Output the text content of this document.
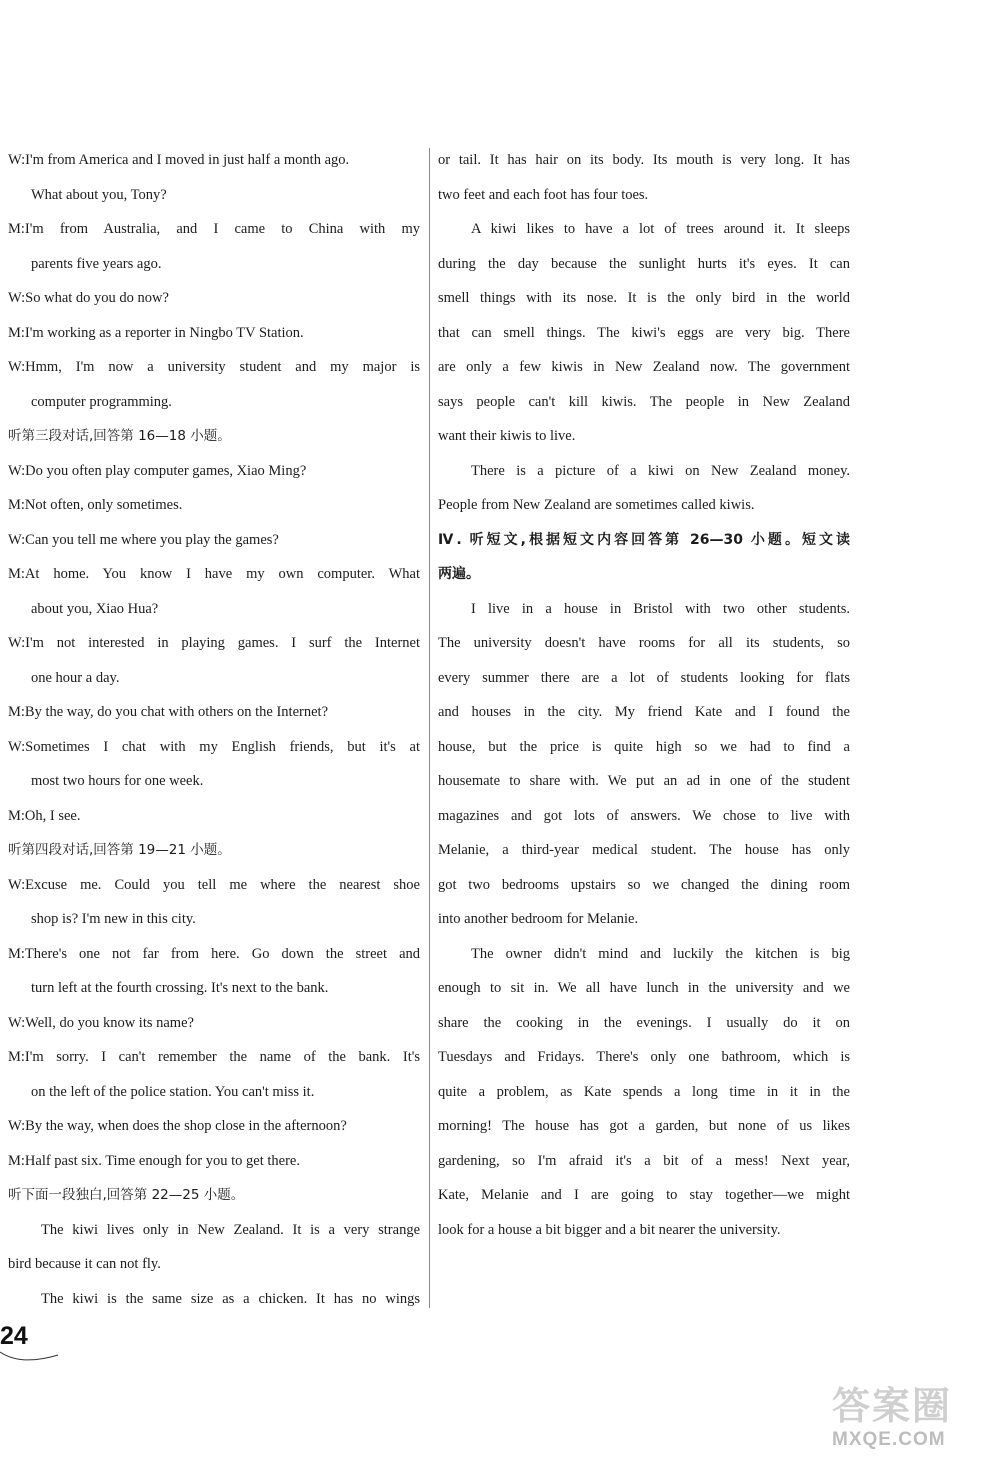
W:I'm from America and I moved in just half a month ago.
What about you, Tony?
M:I'm from Australia, and I came to China with my
parents five years ago.
W:So what do you do now?
M:I'm working as a reporter in Ningbo TV Station.
W:Hmm, I'm now a university student and my major is
computer programming.
听第三段对话,回答第 16—18 小题。
W:Do you often play computer games, Xiao Ming?
M:Not often, only sometimes.
W:Can you tell me where you play the games?
M:At home. You know I have my own computer. What
about you, Xiao Hua?
W:I'm not interested in playing games. I surf the Internet
one hour a day.
M:By the way, do you chat with others on the Internet?
W:Sometimes I chat with my English friends, but it's at
most two hours for one week.
M:Oh, I see.
听第四段对话,回答第 19—21 小题。
W:Excuse me. Could you tell me where the nearest shoe
shop is? I'm new in this city.
M:There's one not far from here. Go down the street and
turn left at the fourth crossing. It's next to the bank.
W:Well, do you know its name?
M:I'm sorry. I can't remember the name of the bank. It's
on the left of the police station. You can't miss it.
W:By the way, when does the shop close in the afternoon?
M:Half past six. Time enough for you to get there.
听下面一段独白,回答第 22—25 小题。
The kiwi lives only in New Zealand. It is a very strange
bird because it can not fly.
The kiwi is the same size as a chicken. It has no wings
or tail. It has hair on its body. Its mouth is very long. It has
two feet and each foot has four toes.
A kiwi likes to have a lot of trees around it. It sleeps
during the day because the sunlight hurts it's eyes. It can
smell things with its nose. It is the only bird in the world
that can smell things. The kiwi's eggs are very big. There
are only a few kiwis in New Zealand now. The government
says people can't kill kiwis. The people in New Zealand
want their kiwis to live.
There is a picture of a kiwi on New Zealand money.
People from New Zealand are sometimes called kiwis.
Ⅳ. 听短文,根据短文内容回答第 26—30 小题。短文读
两遍。
I live in a house in Bristol with two other students.
The university doesn't have rooms for all its students, so
every summer there are a lot of students looking for flats
and houses in the city. My friend Kate and I found the
house, but the price is quite high so we had to find a
housemate to share with. We put an ad in one of the student
magazines and got lots of answers. We chose to live with
Melanie, a third-year medical student. The house has only
got two bedrooms upstairs so we changed the dining room
into another bedroom for Melanie.
The owner didn't mind and luckily the kitchen is big
enough to sit in. We all have lunch in the university and we
share the cooking in the evenings. I usually do it on
Tuesdays and Fridays. There's only one bathroom, which is
quite a problem, as Kate spends a long time in it in the
morning! The house has got a garden, but none of us likes
gardening, so I'm afraid it's a bit of a mess! Next year,
Kate, Melanie and I are going to stay together—we might
look for a house a bit bigger and a bit nearer the university.
24
答案圈
MXQE.COM
